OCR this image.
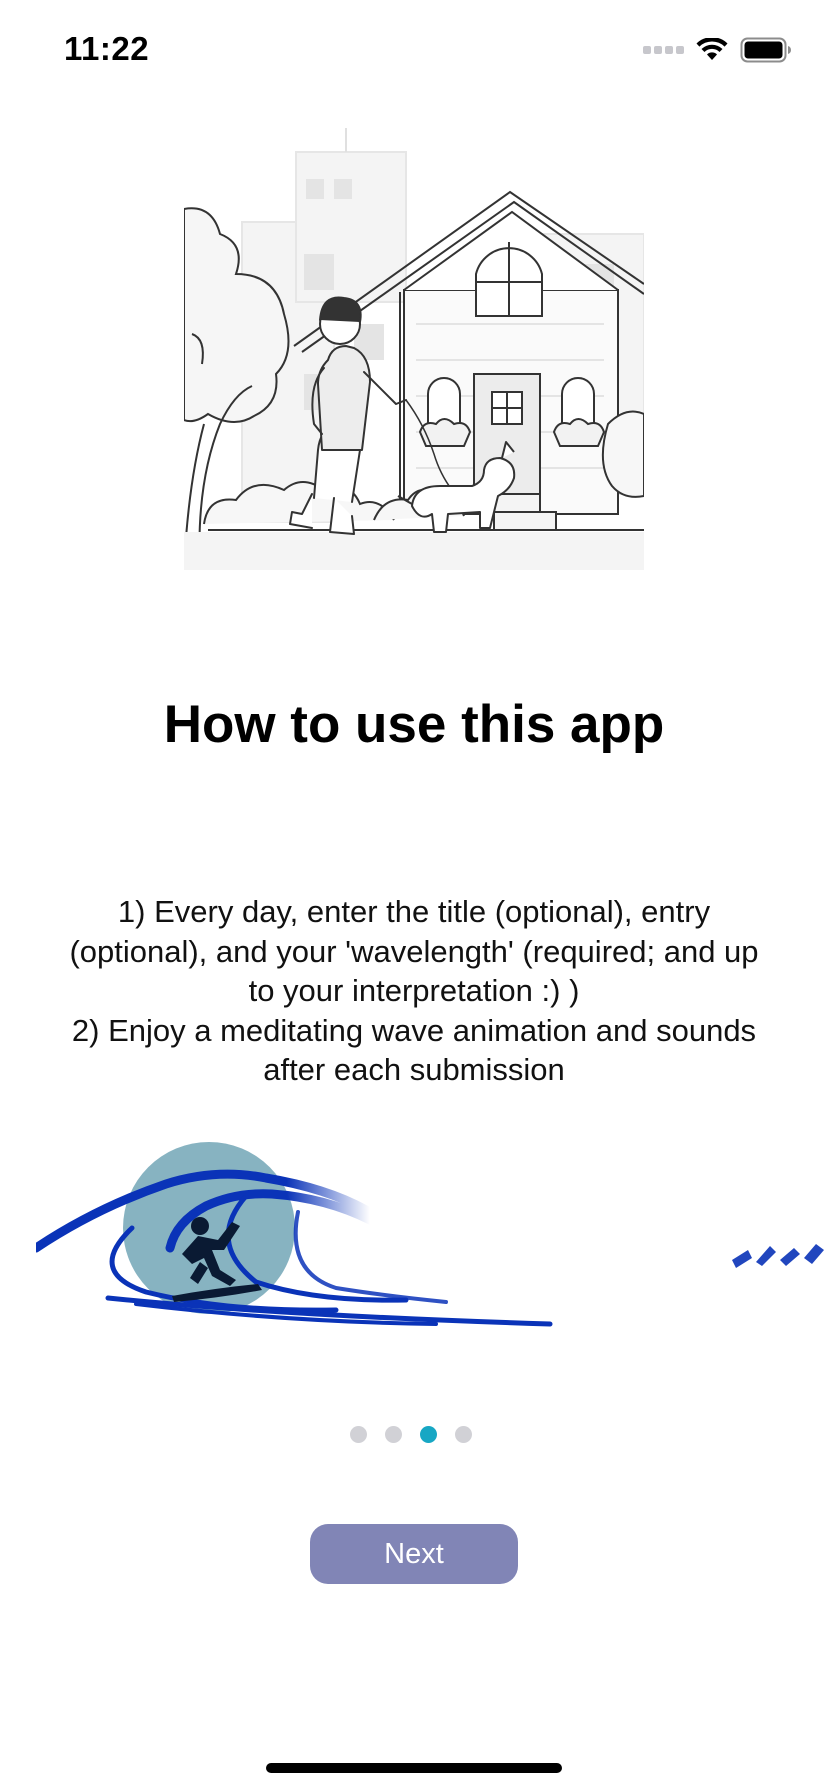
11:22
How to use this app

1) Every day, enter the title (optional), entry (optional), and your 'wavelength' (required; and up to your interpretation :) )

2) Enjoy a meditating wave animation and sounds after each submission

Next
